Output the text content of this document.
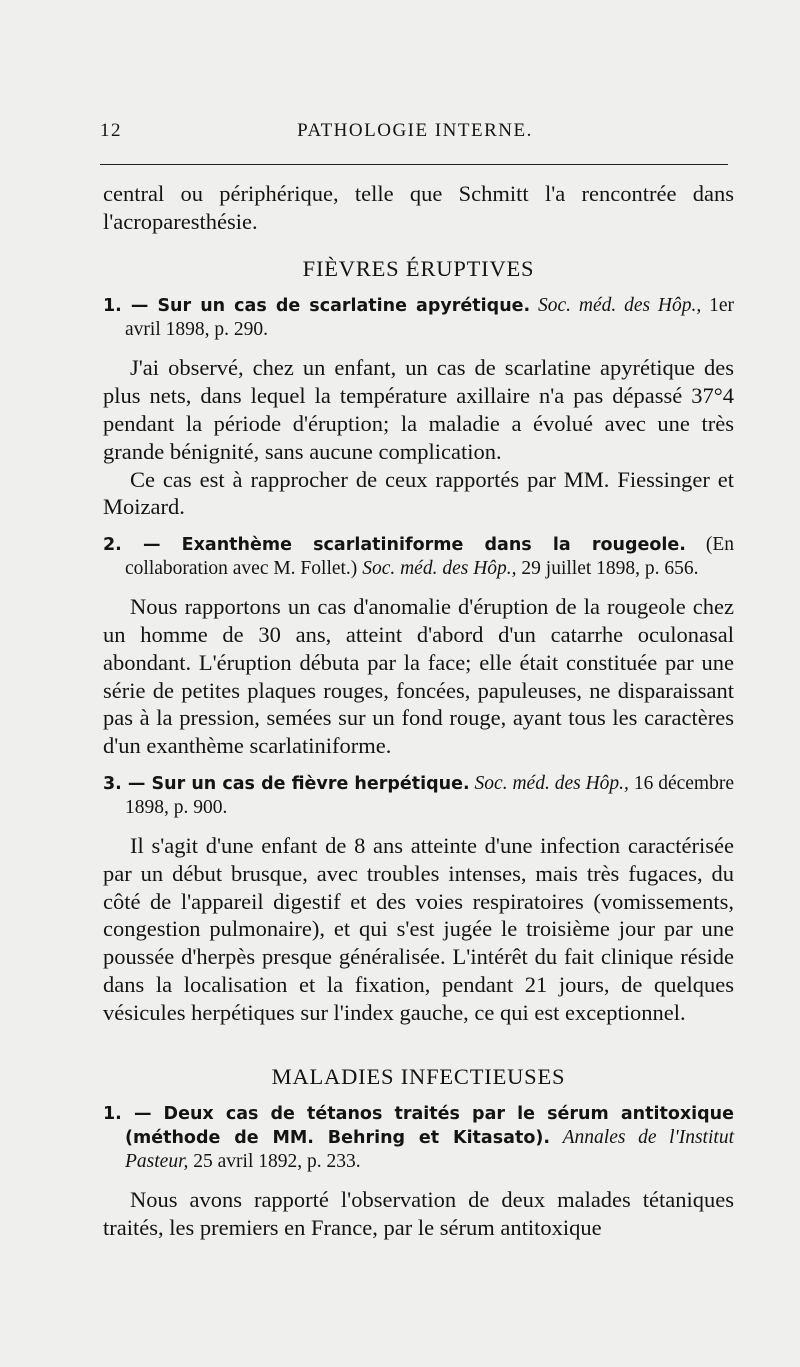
12	PATHOLOGIE INTERNE.

central ou périphérique, telle que Schmitt l'a rencontrée dans l'acroparesthésie.

FIÈVRES ÉRUPTIVES
1. — Sur un cas de scarlatine apyrétique. Soc. méd. des Hôp., 1er avril 1898, p. 290.

J'ai observé, chez un enfant, un cas de scarlatine apyrétique des plus nets, dans lequel la température axillaire n'a pas dépassé 37°4 pendant la période d'éruption; la maladie a évolué avec une très grande bénignité, sans aucune complication.

Ce cas est à rapprocher de ceux rapportés par MM. Fiessinger et Moizard.

2. — Exanthème scarlatiniforme dans la rougeole. (En collaboration avec M. Follet.) Soc. méd. des Hôp., 29 juillet 1898, p. 656.

Nous rapportons un cas d'anomalie d'éruption de la rougeole chez un homme de 30 ans, atteint d'abord d'un catarrhe oculonasal abondant. L'éruption débuta par la face; elle était constituée par une série de petites plaques rouges, foncées, papuleuses, ne disparaissant pas à la pression, semées sur un fond rouge, ayant tous les caractères d'un exanthème scarlatiniforme.

3. — Sur un cas de fièvre herpétique. Soc. méd. des Hôp., 16 décembre 1898, p. 900.

Il s'agit d'une enfant de 8 ans atteinte d'une infection caractérisée par un début brusque, avec troubles intenses, mais très fugaces, du côté de l'appareil digestif et des voies respiratoires (vomissements, congestion pulmonaire), et qui s'est jugée le troisième jour par une poussée d'herpès presque généralisée. L'intérêt du fait clinique réside dans la localisation et la fixation, pendant 21 jours, de quelques vésicules herpétiques sur l'index gauche, ce qui est exceptionnel.

MALADIES INFECTIEUSES
1. — Deux cas de tétanos traités par le sérum antitoxique (méthode de MM. Behring et Kitasato). Annales de l'Institut Pasteur, 25 avril 1892, p. 233.

Nous avons rapporté l'observation de deux malades tétaniques traités, les premiers en France, par le sérum antitoxique
